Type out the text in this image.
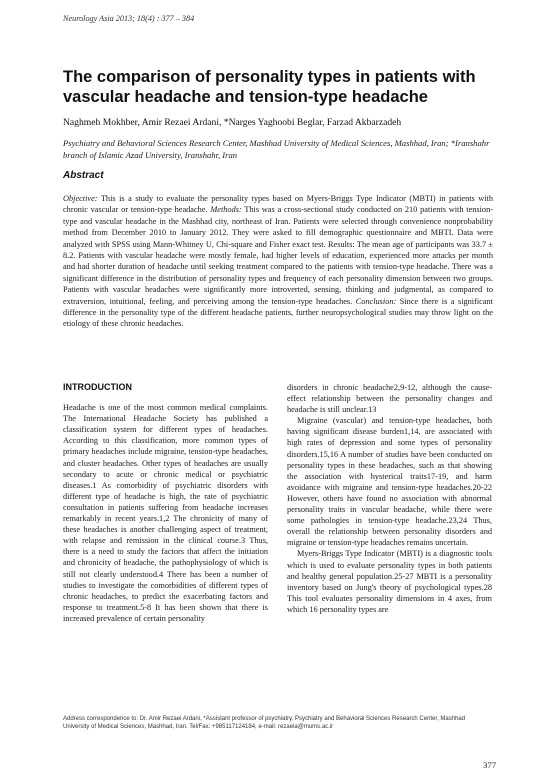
Neurology Asia 2013; 18(4) : 377 – 384
The comparison of personality types in patients with vascular headache and tension-type headache
Naghmeh Mokhber, Amir Rezaei Ardani, *Narges Yaghoobi Beglar, Farzad Akbarzadeh
Psychiatry and Behavioral Sciences Research Center, Mashhad University of Medical Sciences, Mashhad, Iran; *Iranshahr branch of Islamic Azad University, Iranshahr, Iran
Abstract

Objective: This is a study to evaluate the personality types based on Myers-Briggs Type Indicator (MBTI) in patients with chronic vascular or tension-type headache. Methods: This was a cross-sectional study conducted on 210 patients with tension-type and vascular headache in the Mashhad city, northeast of Iran. Patients were selected through convenience nonprobability method from December 2010 to January 2012. They were asked to fill demographic questionnaire and MBTI. Data were analyzed with SPSS using Mann-Whitney U, Chi-square and Fisher exact test. Results: The mean age of participants was 33.7 ± 8.2. Patients with vascular headache were mostly female, had higher levels of education, experienced more attacks per month and had shorter duration of headache until seeking treatment compared to the patients with tension-type headache. There was a significant difference in the distribution of personality types and frequency of each personality dimension between two groups. Patients with vascular headaches were significantly more introverted, sensing, thinking and judgmental, as compared to extraversion, intuitional, feeling, and perceiving among the tension-type headaches. Conclusion: Since there is a significant difference in the personality type of the different headache patients, further neuropsychological studies may throw light on the etiology of these chronic headaches.

INTRODUCTION

Headache is one of the most common medical complaints. The International Headache Society has published a classification system for different types of headaches. According to this classification, more common types of primary headaches include migraine, tension-type headaches, and cluster headaches. Other types of headaches are usually secondary to acute or chronic medical or psychiatric diseases.1 As comorbidity of psychiatric disorders with different type of headache is high, the rate of psychiatric consultation in patients suffering from headache increases remarkably in recent years.1,2 The chronicity of many of these headaches is another challenging aspect of treatment, with relapse and remission in the clinical course.3 Thus, there is a need to study the factors that affect the initiation and chronicity of headache, the pathophysiology of which is still not clearly understood.4 There has been a number of studies to investigate the comorbidities of different types of chronic headaches, to predict the exacerbating factors and response to treatment.5-8 It has been shown that there is increased prevalence of certain personality

disorders in chronic headache2,9-12, although the cause-effect relationship between the personality changes and headache is still unclear.13

Migraine (vascular) and tension-type headaches, both having significant disease burden1,14, are associated with high rates of depression and some types of personality disorders.15,16 A number of studies have been conducted on personality types in these headaches, such as that showing the association with hysterical traits17-19, and harm avoidance with migraine and tension-type headaches.20-22 However, others have found no association with abnormal personality traits in vascular headache, while there were some pathologies in tension-type headache.23,24 Thus, overall the relationship between personality disorders and migraine or tension-type headaches remains uncertain.

Myers-Briggs Type Indicator (MBTI) is a diagnostic tools which is used to evaluate personality types in both patients and healthy general population.25-27 MBTI is a personality inventory based on Jung's theory of psychological types.28 This tool evaluates personality dimensions in 4 axes, from which 16 personality types are

Address correspondence to: Dr. Amir Rezaei Ardani, *Assistant professor of psychiatry, Psychiatry and Behavioral Sciences Research Center, Mashhad University of Medical Sciences, Mashhad, Iran. Tel/Fax: +985117124184, e-mail: rezaeia@mums.ac.ir
377
